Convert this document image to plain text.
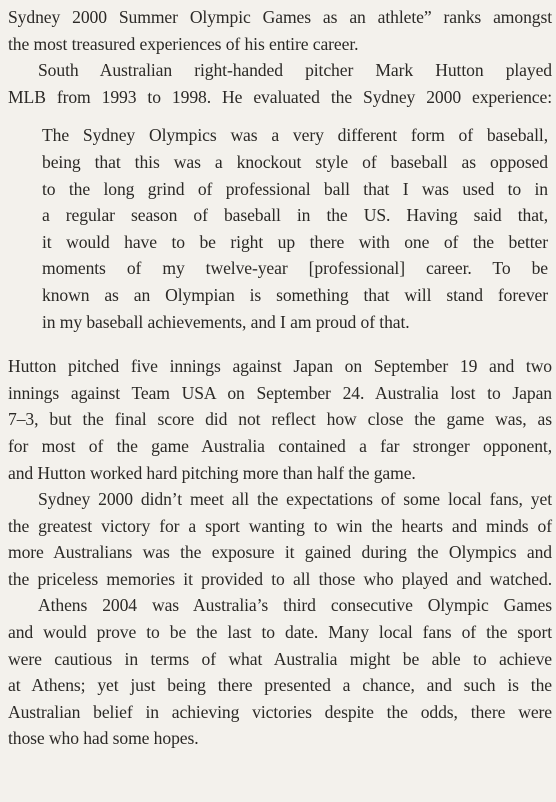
Sydney 2000 Summer Olympic Games as an athlete” ranks amongst
the most treasured experiences of his entire career.
South Australian right-handed pitcher Mark Hutton played
MLB from 1993 to 1998. He evaluated the Sydney 2000 experience:
The Sydney Olympics was a very different form of baseball,
being that this was a knockout style of baseball as opposed
to the long grind of professional ball that I was used to in
a regular season of baseball in the US. Having said that,
it would have to be right up there with one of the better
moments of my twelve-year [professional] career. To be
known as an Olympian is something that will stand forever
in my baseball achievements, and I am proud of that.
Hutton pitched five innings against Japan on September 19 and two
innings against Team USA on September 24. Australia lost to Japan
7–3, but the final score did not reflect how close the game was, as
for most of the game Australia contained a far stronger opponent,
and Hutton worked hard pitching more than half the game.
Sydney 2000 didn’t meet all the expectations of some local fans, yet
the greatest victory for a sport wanting to win the hearts and minds of
more Australians was the exposure it gained during the Olympics and
the priceless memories it provided to all those who played and watched.
Athens 2004 was Australia’s third consecutive Olympic Games
and would prove to be the last to date. Many local fans of the sport
were cautious in terms of what Australia might be able to achieve
at Athens; yet just being there presented a chance, and such is the
Australian belief in achieving victories despite the odds, there were
those who had some hopes.
